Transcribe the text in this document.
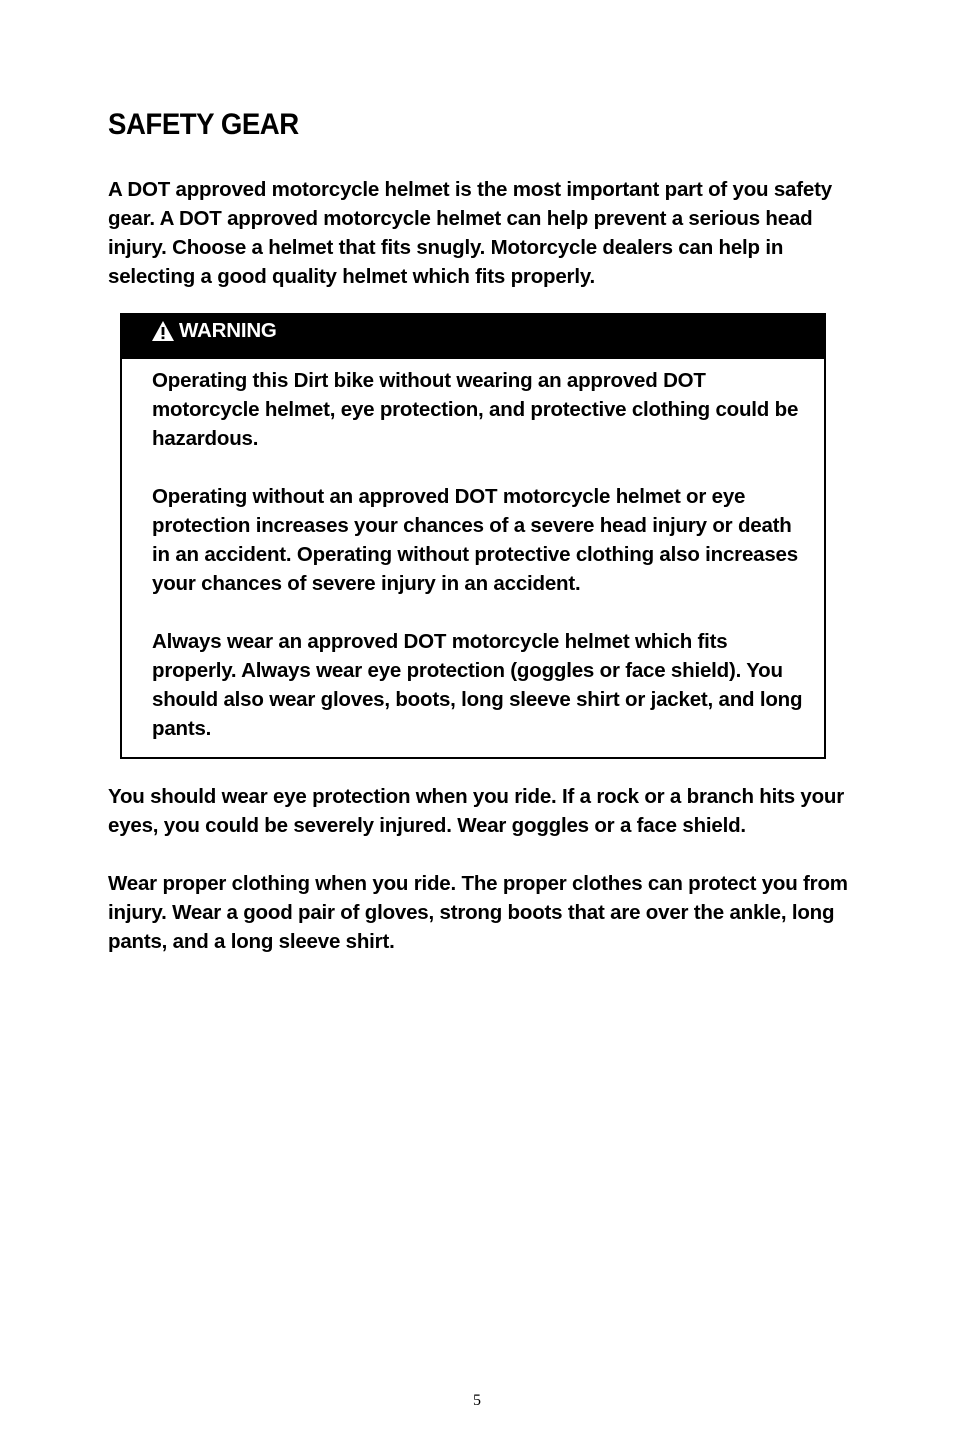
SAFETY GEAR

A DOT approved motorcycle helmet is the most important part of you safety gear. A DOT approved motorcycle helmet can help prevent a serious head injury. Choose a helmet that fits snugly. Motorcycle dealers can help in selecting a good quality helmet which fits properly.

WARNING

Operating this Dirt bike without wearing an approved DOT motorcycle helmet, eye protection, and protective clothing could be hazardous.

Operating without an approved DOT motorcycle helmet or eye protection increases your chances of a severe head injury or death in an accident. Operating without protective clothing also increases your chances of severe injury in an accident.

Always wear an approved DOT motorcycle helmet which fits properly. Always wear eye protection (goggles or face shield). You should also wear gloves, boots, long sleeve shirt or jacket, and long pants.

You should wear eye protection when you ride. If a rock or a branch hits your eyes, you could be severely injured. Wear goggles or a face shield.

Wear proper clothing when you ride. The proper clothes can protect you from injury. Wear a good pair of gloves, strong boots that are over the ankle, long pants, and a long sleeve shirt.

5
